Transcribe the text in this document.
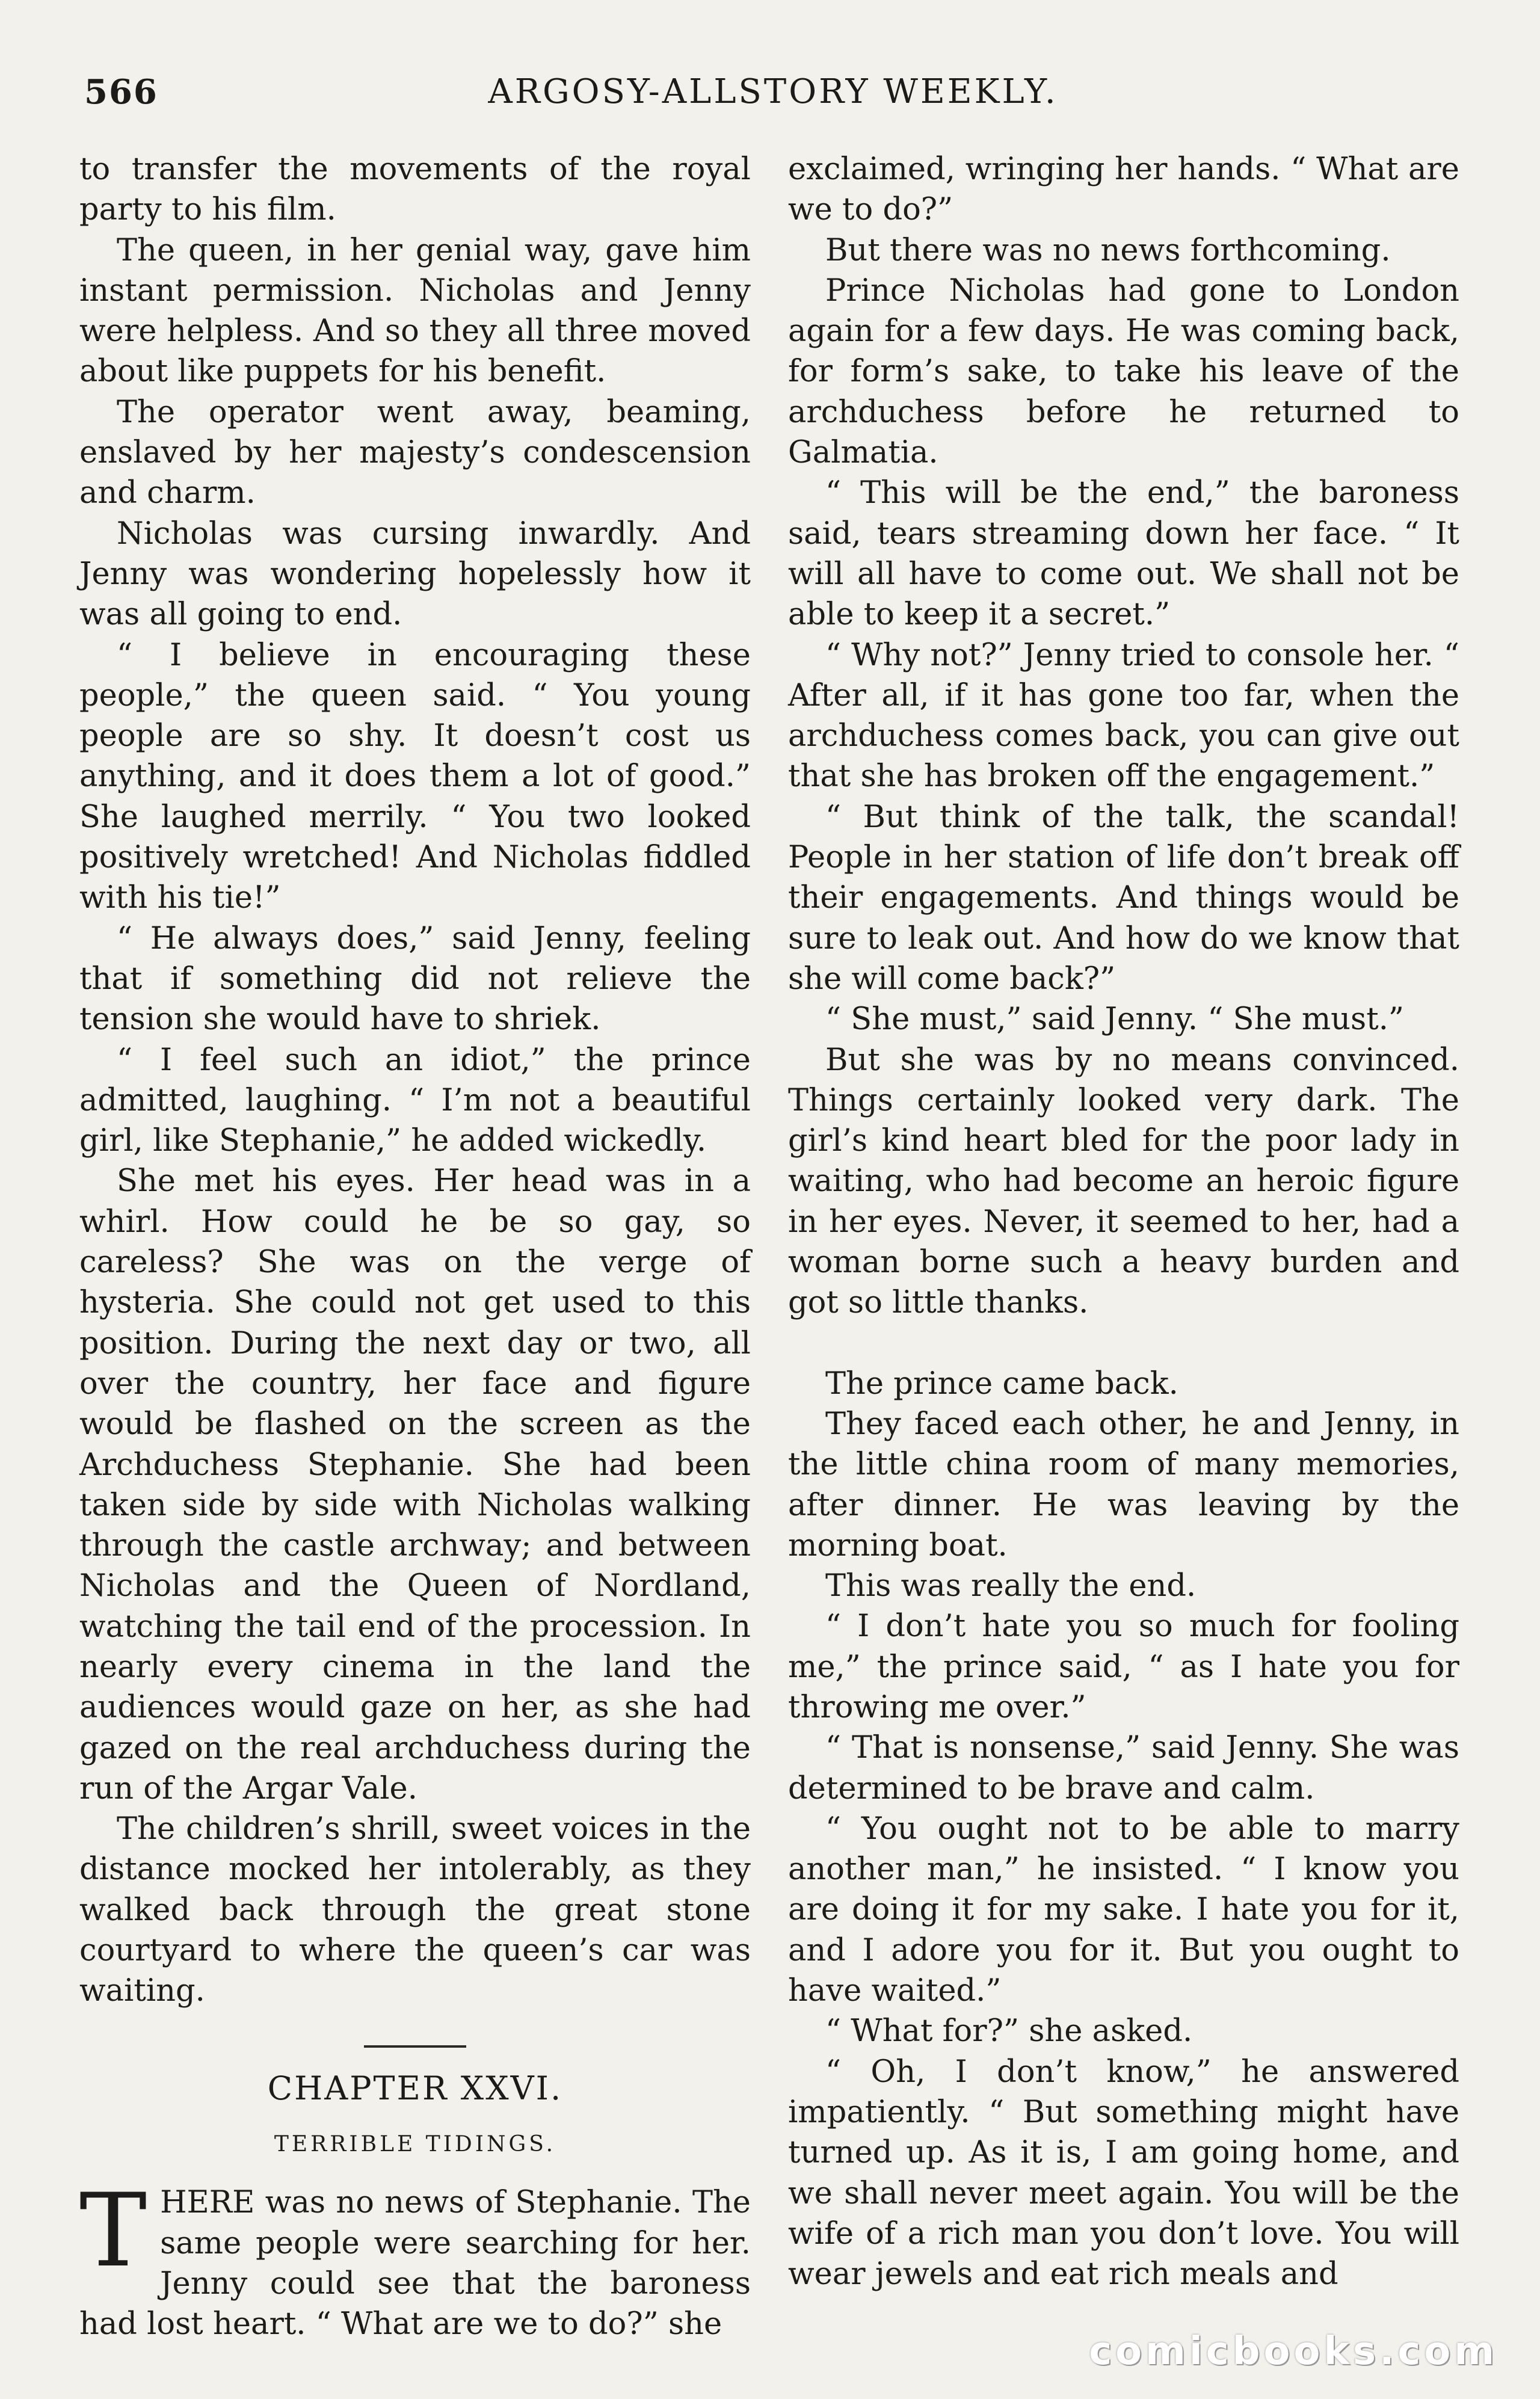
566	ARGOSY-ALLSTORY WEEKLY.

to transfer the movements of the royal party to his film.

The queen, in her genial way, gave him instant permission. Nicholas and Jenny were helpless. And so they all three moved about like puppets for his benefit.

The operator went away, beaming, enslaved by her majesty’s condescension and charm.

Nicholas was cursing inwardly. And Jenny was wondering hopelessly how it was all going to end.

“ I believe in encouraging these people,” the queen said. “ You young people are so shy. It doesn’t cost us anything, and it does them a lot of good.” She laughed merrily. “ You two looked positively wretched! And Nicholas fiddled with his tie!”

“ He always does,” said Jenny, feeling that if something did not relieve the tension she would have to shriek.

“ I feel such an idiot,” the prince admitted, laughing. “ I’m not a beautiful girl, like Stephanie,” he added wickedly.

She met his eyes. Her head was in a whirl. How could he be so gay, so careless? She was on the verge of hysteria. She could not get used to this position. During the next day or two, all over the country, her face and figure would be flashed on the screen as the Archduchess Stephanie. She had been taken side by side with Nicholas walking through the castle archway; and between Nicholas and the Queen of Nordland, watching the tail end of the procession. In nearly every cinema in the land the audiences would gaze on her, as she had gazed on the real archduchess during the run of the Argar Vale.

The children’s shrill, sweet voices in the distance mocked her intolerably, as they walked back through the great stone courtyard to where the queen’s car was waiting.

CHAPTER XXVI.
TERRIBLE TIDINGS.

THERE was no news of Stephanie. The same people were searching for her. Jenny could see that the baroness had lost heart. “ What are we to do?” she

exclaimed, wringing her hands. “ What are we to do?”

But there was no news forthcoming.

Prince Nicholas had gone to London again for a few days. He was coming back, for form’s sake, to take his leave of the archduchess before he returned to Galmatia.

“ This will be the end,” the baroness said, tears streaming down her face. “ It will all have to come out. We shall not be able to keep it a secret.”

“ Why not?” Jenny tried to console her. “ After all, if it has gone too far, when the archduchess comes back, you can give out that she has broken off the engagement.”

“ But think of the talk, the scandal! People in her station of life don’t break off their engagements. And things would be sure to leak out. And how do we know that she will come back?”

“ She must,” said Jenny. “ She must.”

But she was by no means convinced. Things certainly looked very dark. The girl’s kind heart bled for the poor lady in waiting, who had become an heroic figure in her eyes. Never, it seemed to her, had a woman borne such a heavy burden and got so little thanks.

The prince came back.

They faced each other, he and Jenny, in the little china room of many memories, after dinner. He was leaving by the morning boat.

This was really the end.

“ I don’t hate you so much for fooling me,” the prince said, “ as I hate you for throwing me over.”

“ That is nonsense,” said Jenny. She was determined to be brave and calm.

“ You ought not to be able to marry another man,” he insisted. “ I know you are doing it for my sake. I hate you for it, and I adore you for it. But you ought to have waited.”

“ What for?” she asked.

“ Oh, I don’t know,” he answered impatiently. “ But something might have turned up. As it is, I am going home, and we shall never meet again. You will be the wife of a rich man you don’t love. You will wear jewels and eat rich meals and

comicbooks.com
